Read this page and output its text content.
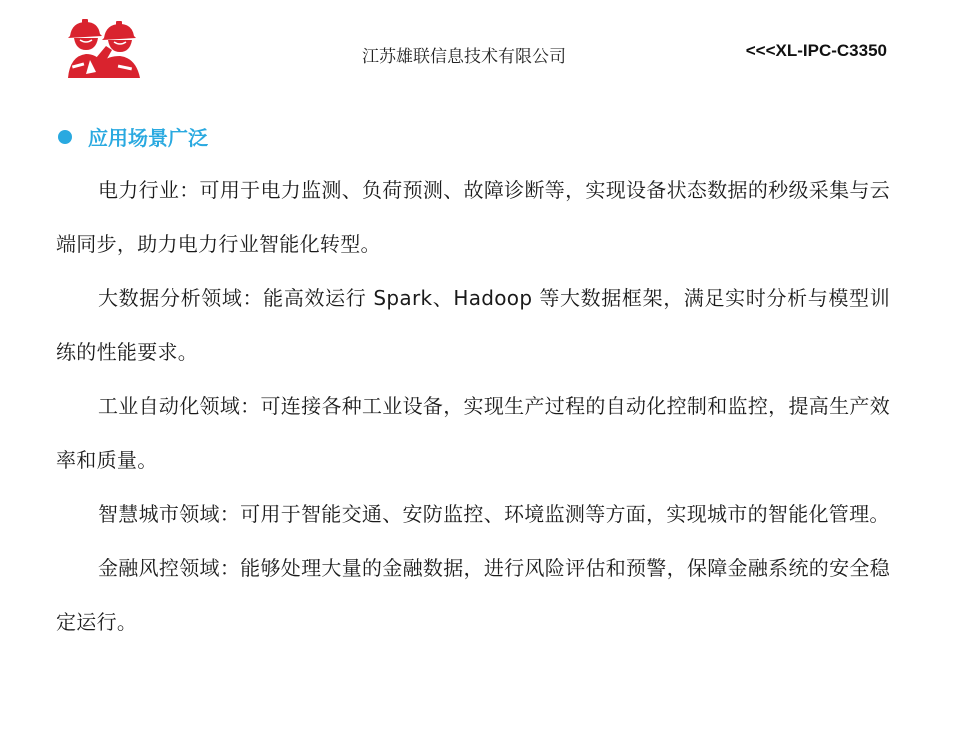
江苏雄联信息技术有限公司	<<<XL-IPC-C3350
应用场景广泛

电力行业：可用于电力监测、负荷预测、故障诊断等，实现设备状态数据的秒级采集与云端同步，助力电力行业智能化转型。

大数据分析领域：能高效运行 Spark、Hadoop 等大数据框架，满足实时分析与模型训练的性能要求。

工业自动化领域：可连接各种工业设备，实现生产过程的自动化控制和监控，提高生产效率和质量。

智慧城市领域：可用于智能交通、安防监控、环境监测等方面，实现城市的智能化管理。

金融风控领域：能够处理大量的金融数据，进行风险评估和预警，保障金融系统的安全稳定运行。
